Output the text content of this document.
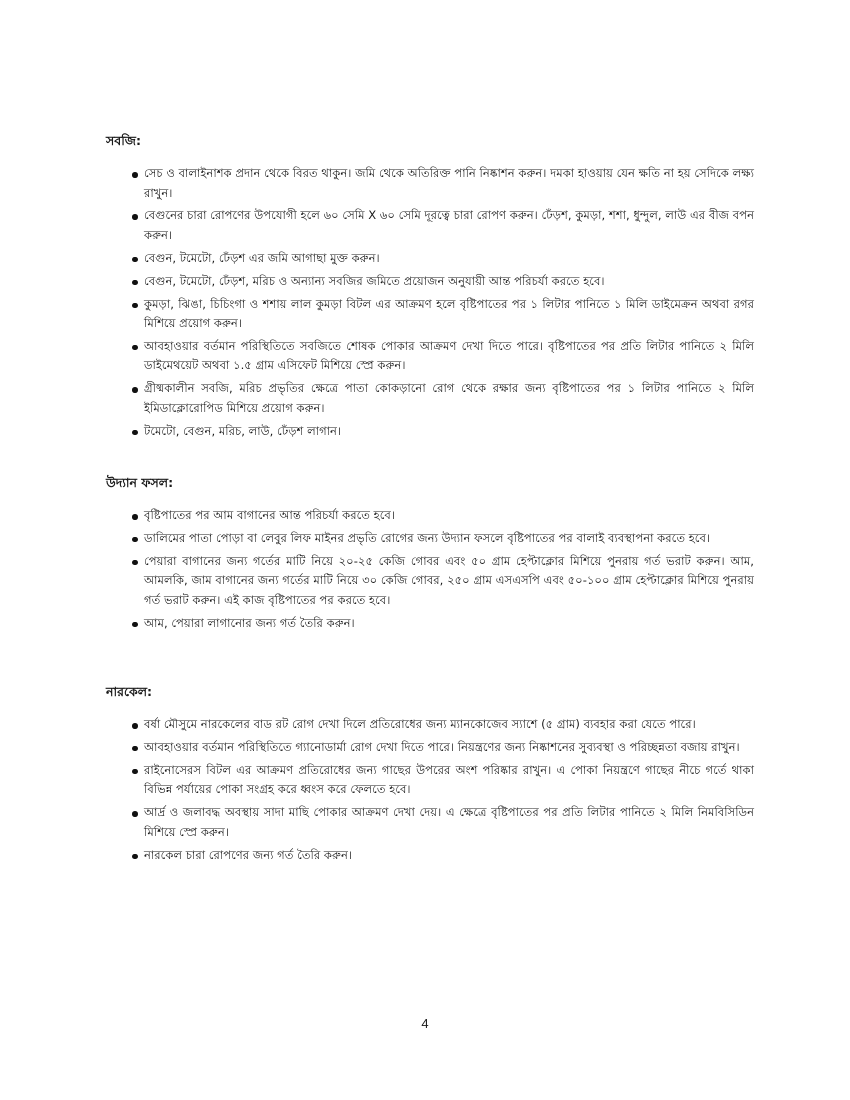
সবজি:
সেচ ও বালাইনাশক প্রদান থেকে বিরত থাকুন। জমি থেকে অতিরিক্ত পানি নিষ্কাশন করুন। দমকা হাওয়ায় যেন ক্ষতি না হয় সেদিকে লক্ষ্য রাখুন।
বেগুনের চারা রোপণের উপযোগী হলে ৬০ সেমি X ৬০ সেমি দূরত্বে চারা রোপণ করুন। ঢেঁড়শ, কুমড়া, শশা, ধুন্দুল, লাউ এর বীজ বপন করুন।
বেগুন, টমেটো, ঢেঁড়শ এর জমি আগাছা মুক্ত করুন।
বেগুন, টমেটো, ঢেঁড়শ, মরিচ ও অন্যান্য সবজির জমিতে প্রয়োজন অনুযায়ী আন্ত পরিচর্যা করতে হবে।
কুমড়া, ঝিঙা, চিচিংগা ও শশায় লাল কুমড়া বিটল এর আক্রমণ হলে বৃষ্টিপাতের পর ১ লিটার পানিতে ১ মিলি ডাইমেক্রন অথবা রগর মিশিয়ে প্রয়োগ করুন।
আবহাওয়ার বর্তমান পরিস্থিতিতে সবজিতে শোষক পোকার আক্রমণ দেখা দিতে পারে। বৃষ্টিপাতের পর প্রতি লিটার পানিতে ২ মিলি ডাইমেথয়েট অথবা ১.৫ গ্রাম এসিফেট মিশিয়ে স্প্রে করুন।
গ্রীষ্মকালীন সবজি, মরিচ প্রভৃতির ক্ষেত্রে পাতা কোকড়ানো রোগ থেকে রক্ষার জন্য বৃষ্টিপাতের পর ১ লিটার পানিতে ২ মিলি ইমিডাক্লোরোপিড মিশিয়ে প্রয়োগ করুন।
টমেটো, বেগুন, মরিচ, লাউ, ঢেঁড়শ লাগান।
উদ্যান ফসল:
বৃষ্টিপাতের পর আম বাগানের আন্ত পরিচর্যা করতে হবে।
ডালিমের পাতা পোড়া বা লেবুর লিফ মাইনর প্রভৃতি রোগের জন্য উদ্যান ফসলে বৃষ্টিপাতের পর বালাই ব্যবস্থাপনা করতে হবে।
পেয়ারা বাগানের জন্য গর্তের মাটি নিয়ে ২০-২৫ কেজি গোবর এবং ৫০ গ্রাম হেপ্টাক্লোর মিশিয়ে পুনরায় গর্ত ভরাট করুন। আম, আমলকি, জাম বাগানের জন্য গর্তের মাটি নিয়ে ৩০ কেজি গোবর, ২৫০ গ্রাম এসএসপি এবং ৫০-১০০ গ্রাম হেপ্টাক্লোর মিশিয়ে পুনরায় গর্ত ভরাট করুন। এই কাজ বৃষ্টিপাতের পর করতে হবে।
আম, পেয়ারা লাগানোর জন্য গর্ত তৈরি করুন।
নারকেল:
বর্ষা মৌসুমে নারকেলের বাড রট রোগ দেখা দিলে প্রতিরোধের জন্য ম্যানকোজেব স্যাশে (৫ গ্রাম) ব্যবহার করা যেতে পারে।
আবহাওয়ার বর্তমান পরিস্থিতিতে গ্যানোডার্মা রোগ দেখা দিতে পারে। নিয়ন্ত্রণের জন্য নিষ্কাশনের সুব্যবস্থা ও পরিচ্ছন্নতা বজায় রাখুন।
রাইনোসেরস বিটল এর আক্রমণ প্রতিরোধের জন্য গাছের উপরের অংশ পরিষ্কার রাখুন। এ পোকা নিয়ন্ত্রণে গাছের নীচে গর্তে থাকা বিভিন্ন পর্যায়ের পোকা সংগ্রহ করে ধ্বংস করে ফেলতে হবে।
আর্দ্র ও জলাবদ্ধ অবস্থায় সাদা মাছি পোকার আক্রমণ দেখা দেয়। এ ক্ষেত্রে বৃষ্টিপাতের পর প্রতি লিটার পানিতে ২ মিলি নিমবিসিডিন মিশিয়ে স্প্রে করুন।
নারকেল চারা রোপণের জন্য গর্ত তৈরি করুন।
4
